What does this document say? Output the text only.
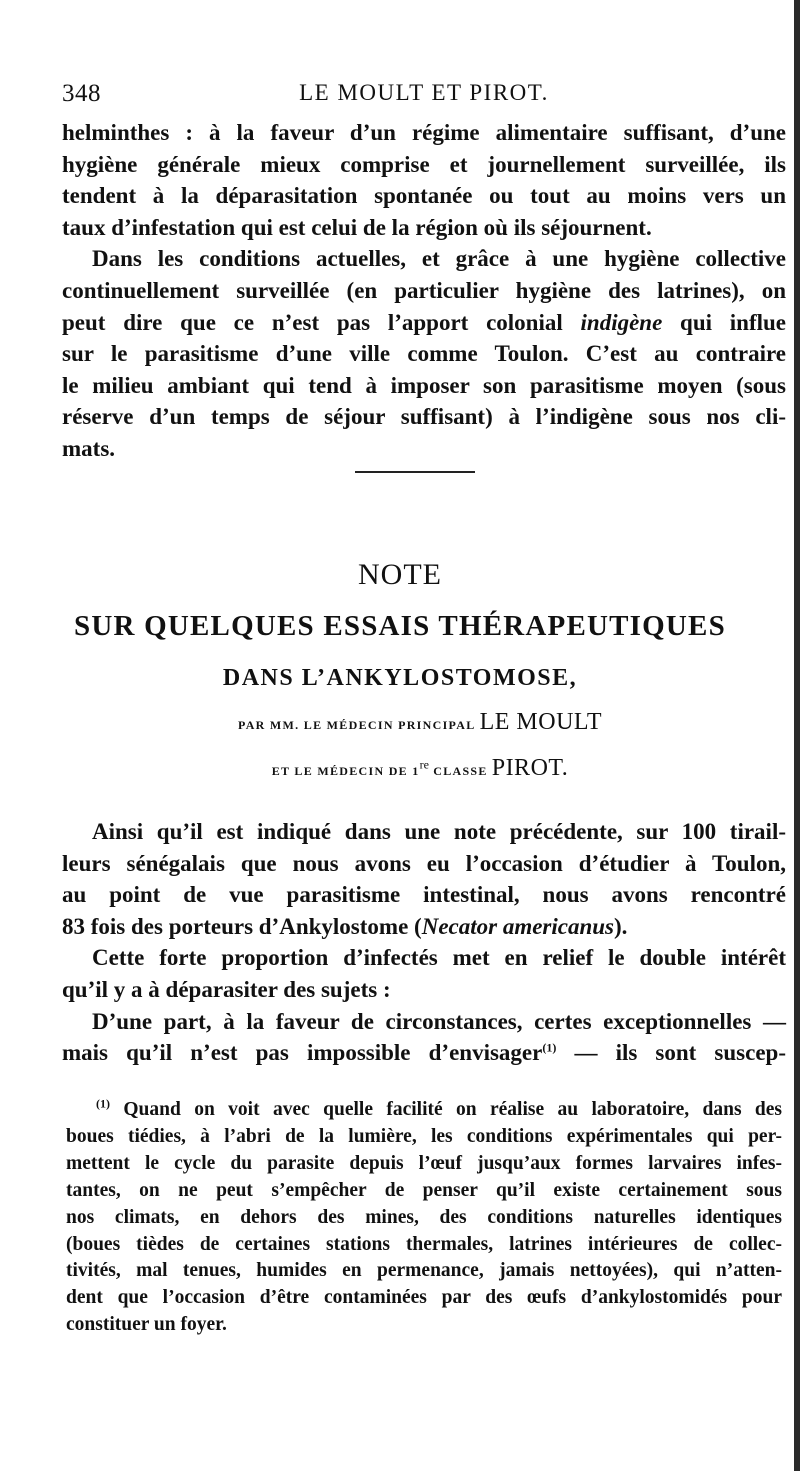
348	LE MOULT ET PIROT.
helminthes : à la faveur d’un régime alimentaire suffisant, d’une
hygiène générale mieux comprise et journellement surveillée, ils
tendent à la déparasitation spontanée ou tout au moins vers un
taux d’infestation qui est celui de la région où ils séjournent.
Dans les conditions actuelles, et grâce à une hygiène collective
continuellement surveillée (en particulier hygiène des latrines), on
peut dire que ce n’est pas l’apport colonial indigène qui influe
sur le parasitisme d’une ville comme Toulon. C’est au contraire
le milieu ambiant qui tend à imposer son parasitisme moyen (sous
réserve d’un temps de séjour suffisant) à l’indigène sous nos cli-
mats.
NOTE
SUR QUELQUES ESSAIS THÉRAPEUTIQUES
DANS L’ANKYLOSTOMOSE,
PAR MM. LE MÉDECIN PRINCIPAL LE MOULT
ET LE MÉDECIN DE 1re CLASSE PIROT.
Ainsi qu’il est indiqué dans une note précédente, sur 100 tirail-
leurs sénégalais que nous avons eu l’occasion d’étudier à Toulon,
au point de vue parasitisme intestinal, nous avons rencontré
83 fois des porteurs d’Ankylostome (Necator americanus).
Cette forte proportion d’infectés met en relief le double intérêt
qu’il y a à déparasiter des sujets :
D’une part, à la faveur de circonstances, certes exceptionnelles —
mais qu’il n’est pas impossible d’envisager$^{(1)}$ — ils sont suscep-
$^{(1)}$ Quand on voit avec quelle facilité on réalise au laboratoire, dans des
boues tiédies, à l’abri de la lumière, les conditions expérimentales qui per-
mettent le cycle du parasite depuis l’œuf jusqu’aux formes larvaires infes-
tantes, on ne peut s’empêcher de penser qu’il existe certainement sous
nos climats, en dehors des mines, des conditions naturelles identiques
(boues tièdes de certaines stations thermales, latrines intérieures de collec-
tivités, mal tenues, humides en permenance, jamais nettoyées), qui n’atten-
dent que l’occasion d’être contaminées par des œufs d’ankylostomidés pour
constituer un foyer.
